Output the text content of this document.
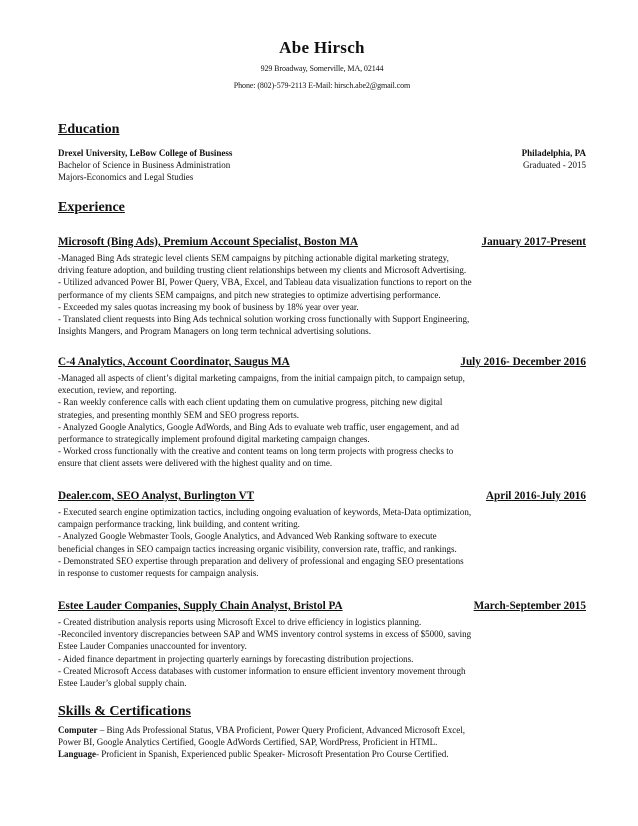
Abe Hirsch
929 Broadway, Somerville, MA, 02144
Phone: (802)-579-2113 E-Mail: hirsch.abe2@gmail.com
Education
Drexel University, LeBow College of Business	Philadelphia, PA
Bachelor of Science in Business Administration	Graduated - 2015
Majors-Economics and Legal Studies
Experience
Microsoft (Bing Ads), Premium Account Specialist, Boston MA	January 2017-Present
-Managed Bing Ads strategic level clients SEM campaigns by pitching actionable digital marketing strategy,
driving feature adoption, and building trusting client relationships between my clients and Microsoft Advertising.
- Utilized advanced Power BI, Power Query, VBA, Excel, and Tableau data visualization functions to report on the
performance of my clients SEM campaigns, and pitch new strategies to optimize advertising performance.
- Exceeded my sales quotas increasing my book of business by 18% year over year.
- Translated client requests into Bing Ads technical solution working cross functionally with Support Engineering,
Insights Mangers, and Program Managers on long term technical advertising solutions.
C-4 Analytics, Account Coordinator, Saugus MA	July 2016- December 2016
-Managed all aspects of client’s digital marketing campaigns, from the initial campaign pitch, to campaign setup,
execution, review, and reporting.
- Ran weekly conference calls with each client updating them on cumulative progress, pitching new digital
strategies, and presenting monthly SEM and SEO progress reports.
- Analyzed Google Analytics, Google AdWords, and Bing Ads to evaluate web traffic, user engagement, and ad
performance to strategically implement profound digital marketing campaign changes.
- Worked cross functionally with the creative and content teams on long term projects with progress checks to
ensure that client assets were delivered with the highest quality and on time.
Dealer.com, SEO Analyst, Burlington VT	April 2016-July 2016
- Executed search engine optimization tactics, including ongoing evaluation of keywords, Meta-Data optimization,
campaign performance tracking, link building, and content writing.
- Analyzed Google Webmaster Tools, Google Analytics, and Advanced Web Ranking software to execute
beneficial changes in SEO campaign tactics increasing organic visibility, conversion rate, traffic, and rankings.
- Demonstrated SEO expertise through preparation and delivery of professional and engaging SEO presentations
in response to customer requests for campaign analysis.
Estee Lauder Companies, Supply Chain Analyst, Bristol PA	March-September 2015
- Created distribution analysis reports using Microsoft Excel to drive efficiency in logistics planning.
-Reconciled inventory discrepancies between SAP and WMS inventory control systems in excess of $5000, saving
Estee Lauder Companies unaccounted for inventory.
- Aided finance department in projecting quarterly earnings by forecasting distribution projections.
- Created Microsoft Access databases with customer information to ensure efficient inventory movement through
Estee Lauder’s global supply chain.
Skills & Certifications
Computer – Bing Ads Professional Status, VBA Proficient, Power Query Proficient, Advanced Microsoft Excel,
Power BI, Google Analytics Certified, Google AdWords Certified, SAP, WordPress, Proficient in HTML.
Language- Proficient in Spanish, Experienced public Speaker- Microsoft Presentation Pro Course Certified.
